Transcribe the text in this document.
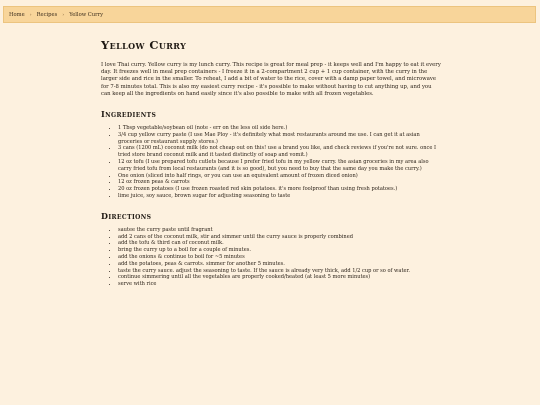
Home › Recipes › Yellow Curry
Yellow Curry

I love Thai curry. Yellow curry is my lunch curry. This recipe is great for meal prep - it keeps well and I'm happy to eat it every day. It freezes well in meal prep containers - I freeze it in a 2-compartment 2 cup + 1 cup container, with the curry in the larger side and rice in the smaller. To reheat, I add a bit of water to the rice, cover with a damp paper towel, and microwave for 7-8 minutes total. This is also my easiest curry recipe - it's possible to make without having to cut anything up, and you can keep all the ingredients on hand easily since it's also possible to make with all frozen vegetables.

Ingredients
• 1 Tbsp vegetable/soybean oil (note - err on the less oil side here.)
• 3/4 cup yellow curry paste (I use Mae Ploy - it's definitely what most restaurants around me use. I can get it at asian groceries or restaurant supply stores.)
• 3 cans (1200 mL) coconut milk (do not cheap out on this! use a brand you like, and check reviews if you're not sure. once I tried store brand coconut milk and it tasted distinctly of soap and vomit.)
• 12 oz tofu (I use prepared tofu cutlets because I prefer fried tofu in my yellow curry. the asian groceries in my area also carry fried tofu from local restaurants (and it is so good), but you need to buy that the same day you make the curry.)
• One onion (sliced into half rings, or you can use an equivalent amount of frozen diced onion)
• 12 oz frozen peas & carrots
• 20 oz frozen potatoes (I use frozen roasted red skin potatoes. it's more foolproof than using fresh potatoes.)
• lime juice, soy sauce, brown sugar for adjusting seasoning to taste
Directions
• sautee the curry paste until fragrant
• add 2 cans of the coconut milk, stir and simmer until the curry sauce is properly combined
• add the tofu & third can of coconut milk.
• bring the curry up to a boil for a couple of minutes.
• add the onions & continue to boil for ~5 minutes
• add the potatoes, peas & carrots. simmer for another 5 minutes.
• taste the curry sauce. adjust the seasoning to taste. If the sauce is already very thick, add 1/2 cup or so of water.
• continue simmering until all the vegetables are properly cooked/heated (at least 5 more minutes)
• serve with rice
